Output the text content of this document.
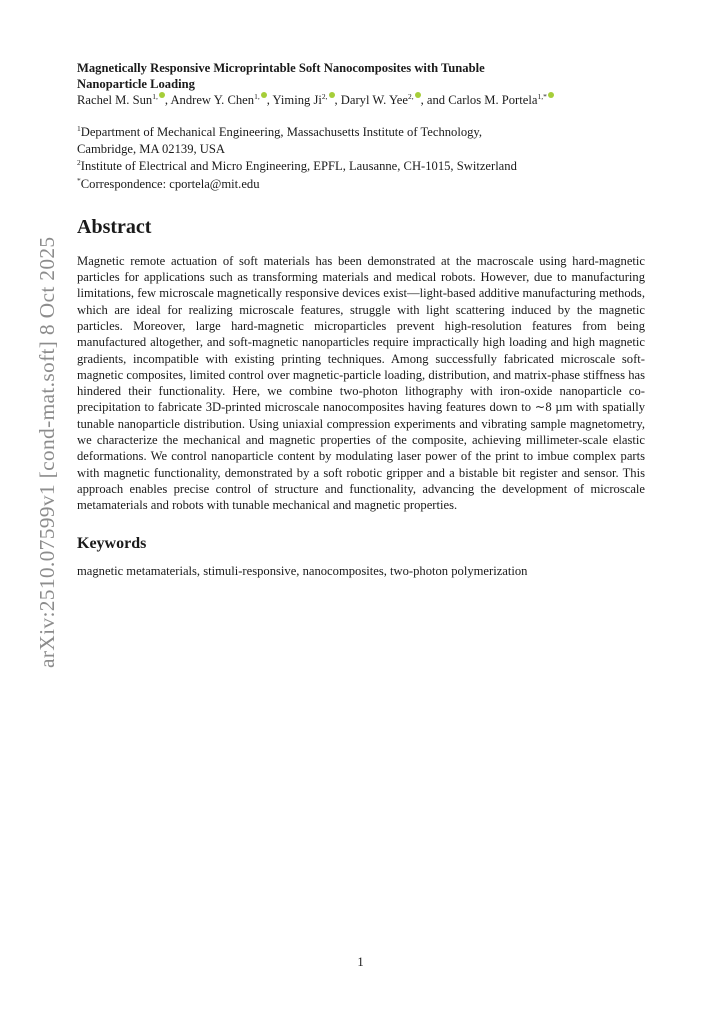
arXiv:2510.07599v1 [cond-mat.soft] 8 Oct 2025
Magnetically Responsive Microprintable Soft Nanocomposites with Tunable
Nanoparticle Loading
Rachel M. Sun$^{1,}$ , Andrew Y. Chen$^{1,}$ , Yiming $Ji^{2,}$ , Daryl W. Yee$^{2,}$ , and Carlos M. Portela$^{1,*}$
$^1$Department of Mechanical Engineering, Massachusetts Institute of Technology,
Cambridge, MA 02139, USA
$^2$Institute of Electrical and Micro Engineering, EPFL, Lausanne, CH-1015, Switzerland
*Correspondence: cportela@mit.edu
Abstract

Magnetic remote actuation of soft materials has been demonstrated at the macroscale using hard-magnetic particles for applications such as transforming materials and medical robots. However, due to manufacturing limitations, few microscale magnetically responsive devices exist—light-based additive manufacturing methods, which are ideal for realizing microscale features, struggle with light scattering induced by the magnetic particles. Moreover, large hard-magnetic microparticles prevent high-resolution features from being manufactured altogether, and soft-magnetic nanoparticles require impractically high loading and high magnetic gradients, incompatible with existing printing techniques. Among successfully fabricated microscale soft-magnetic composites, limited control over magnetic-particle loading, distribution, and matrix-phase stiffness has hindered their functionality. Here, we combine two-photon lithography with iron-oxide nanoparticle co-precipitation to fabricate 3D-printed microscale nanocomposites having features down to ∼8 µm with spatially tunable nanoparticle distribution. Using uniaxial compression experiments and vibrating sample magnetometry, we characterize the mechanical and magnetic properties of the composite, achieving millimeter-scale elastic deformations. We control nanoparticle content by modulating laser power of the print to imbue complex parts with magnetic functionality, demonstrated by a soft robotic gripper and a bistable bit register and sensor. This approach enables precise control of structure and functionality, advancing the development of microscale metamaterials and robots with tunable mechanical and magnetic properties.

Keywords

magnetic metamaterials, stimuli-responsive, nanocomposites, two-photon polymerization

1
